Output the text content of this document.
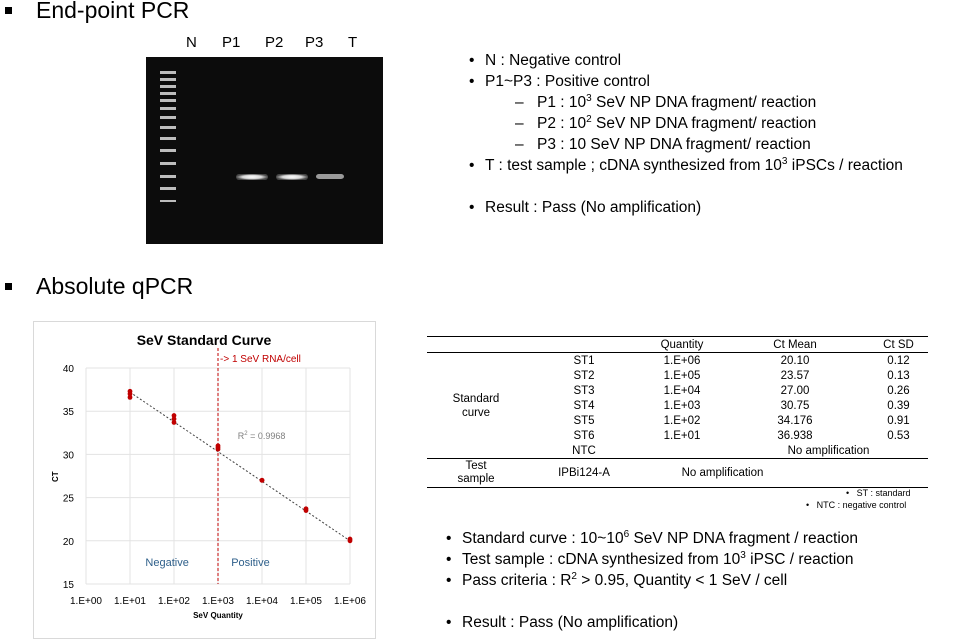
End-point PCR
N P1 P2 P3 T
• N : Negative control
• P1~P3 : Positive control
– P1 : $10^3$ SeV NP DNA fragment/ reaction
– P2 : $10^2$ SeV NP DNA fragment/ reaction
– P3 : 10 SeV NP DNA fragment/ reaction
• T : test sample ; cDNA synthesized from $10^3$ iPSCs / reaction
• Result : Pass (No amplification)
Absolute qPCR
SeV Standard Curve
15
20
25
30
35
40
1.E+00 1.E+01 1.E+02 1.E+03 1.E+04 1.E+05 1.E+06
-> 1 SeV RNA/cell
$R^2 = 0.9968$
Negative	Positive
CT
SeV Quantity
		Quantity	Ct Mean	Ct SD
Standard
curve	ST1	1.E+06	20.10	0.12
	ST2	1.E+05	23.57	0.13
	ST3	1.E+04	27.00	0.26
	ST4	1.E+03	30.75	0.39
	ST5	1.E+02	34.176	0.91
	ST6	1.E+01	36.938	0.53
	NTC	No amplification		
Test
sample	IPBi124-A	No amplification		
•   ST : standard
•   NTC : negative control
• Standard curve : $10\sim 10^6$ SeV NP DNA fragment / reaction
• Test sample : cDNA synthesized from $10^3$ iPSC / reaction
• Pass criteria : $R^2 > 0.95$, Quantity < 1 SeV / cell
• Result : Pass (No amplification)
